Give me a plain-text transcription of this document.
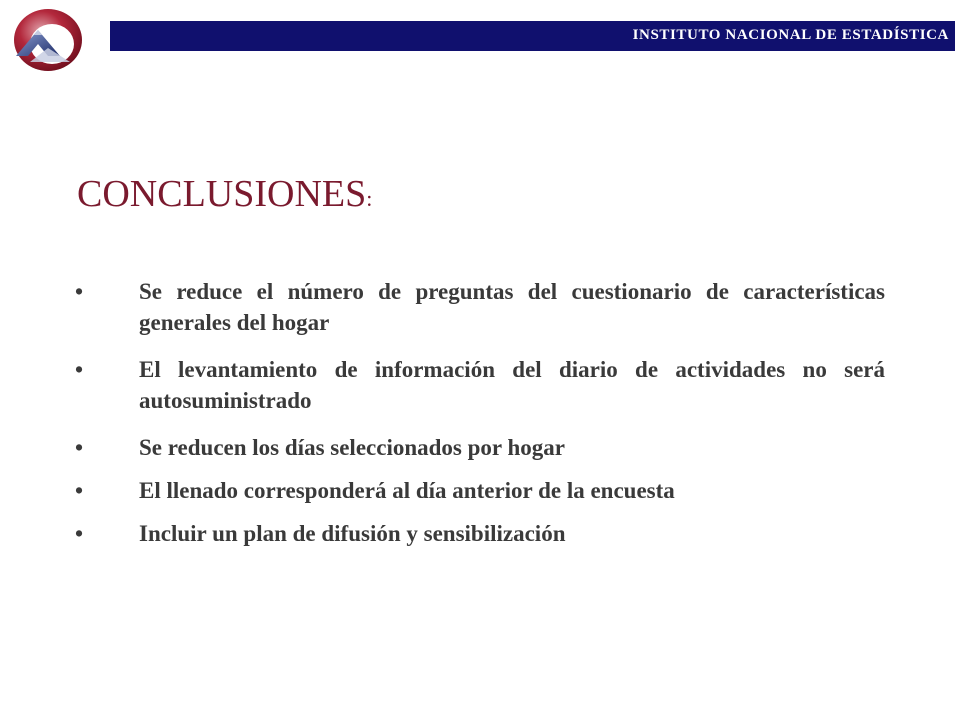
INSTITUTO NACIONAL DE ESTADÍSTICA
CONCLUSIONES:
•	Se reduce el número de preguntas del cuestionario de características generales del hogar
•	El levantamiento de información del diario de actividades no será autosuministrado
•	Se reducen los días seleccionados por hogar
•	El llenado corresponderá al día anterior de la encuesta
•	Incluir un plan de difusión y sensibilización
